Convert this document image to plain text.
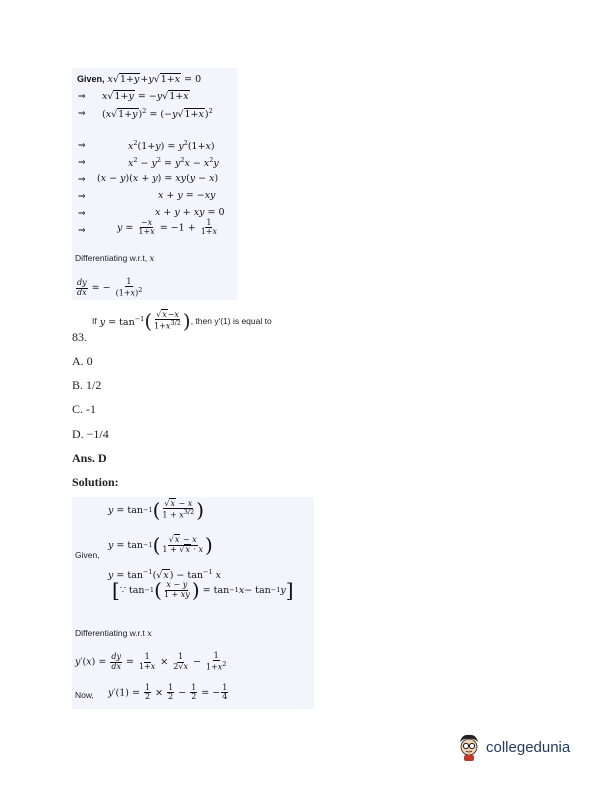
Given, x√1+y+y√1+x = 0
⇒ x√1+y = −y√1+x
⇒ $(x√1+y)^2 = (-y√1+x)^2$
⇒	$x^2(1+y) = y^2(1+x)$
⇒	$x^2 - y^2 = y^2x - x^2y$
⇒ (x − y)(x + y) = xy(y − x)
⇒	x + y = −xy
⇒	x + y + xy = 0
⇒	$y = \frac{-x}{1+x} = -1 + \frac{1}{1+x}$
Differentiating w.r.t, x
$\frac{dy}{dx}$ = − $\frac{1}{(1+x)^2}$
If $y = \tan^{-1}$ ( $\frac{√x-x}{1+x^{3/2}}$ ) , then y′(1) is equal to
83.
A. 0
B. 1/2
C. -1
D. −1/4
Ans. D
Solution:
y = tan −1 ( $\frac{√x - x}{1 + x^{3/2}}$ )
Given,
y = tan −1 ( $\frac{√x - x}{1 + √x \cdot x}$ )
$y = \tan^{-1}(√x) - \tan^{-1} x$
[ ∵ tan −1 ( $\frac{x - y}{1 + xy}$ ) = tan −1 x − tan −1 y ]
Differentiating w.r.t x
$y'(x) = \frac{dy}{dx} = \frac{1}{1+x} \times \frac{1}{2√x} - \frac{1}{1+x^2}$
Now, $y'(1) = \frac{1}{2} \times \frac{1}{2} - \frac{1}{2}$ = − $\frac{1}{4}$
collegedunia
